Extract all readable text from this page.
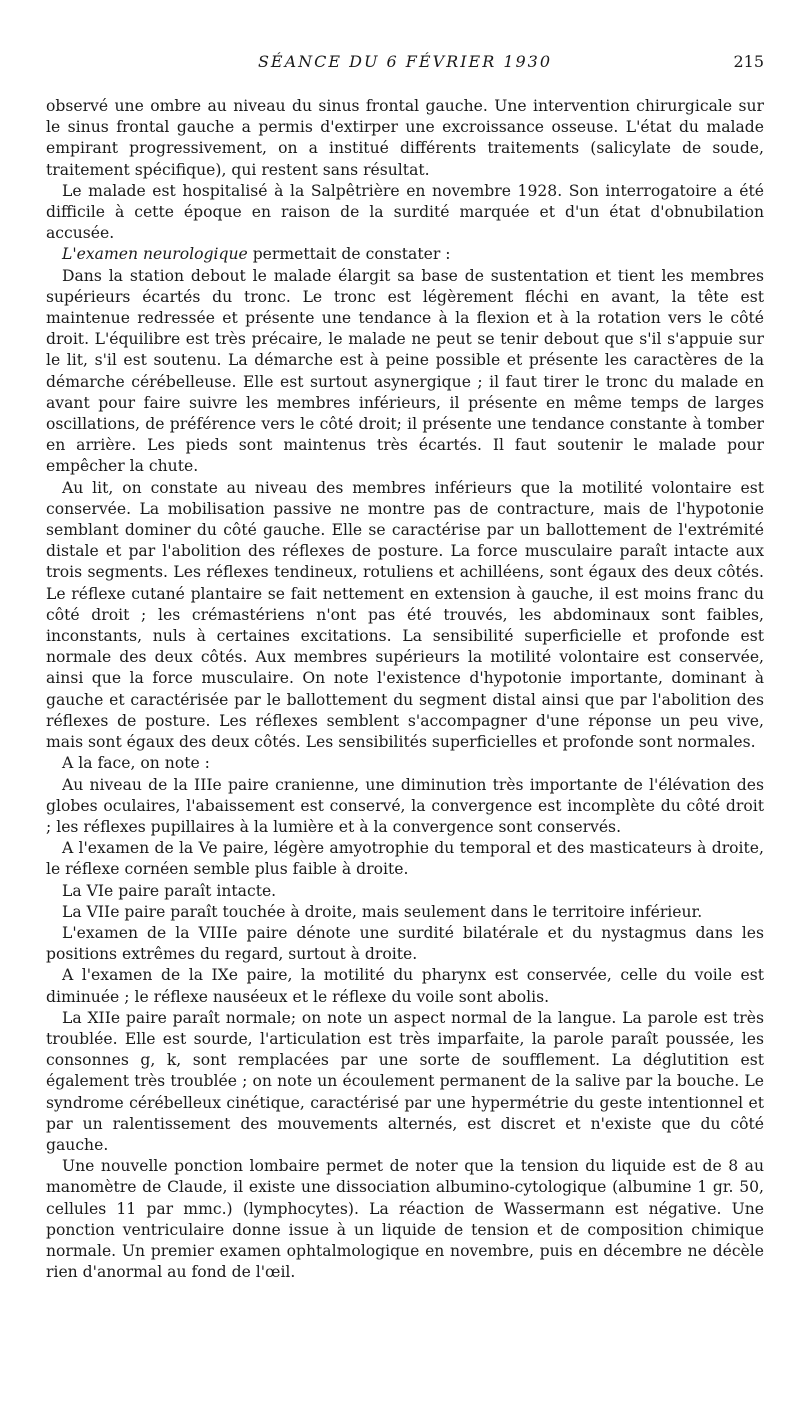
SÉANCE DU 6 FÉVRIER 1930	215

observé une ombre au niveau du sinus frontal gauche. Une intervention chirurgicale sur le sinus frontal gauche a permis d'extirper une excroissance osseuse. L'état du malade empirant progressivement, on a institué différents traitements (salicylate de soude, traitement spécifique), qui restent sans résultat.

Le malade est hospitalisé à la Salpêtrière en novembre 1928. Son interrogatoire a été difficile à cette époque en raison de la surdité marquée et d'un état d'obnubilation accusée.

L'examen neurologique permettait de constater :

Dans la station debout le malade élargit sa base de sustentation et tient les membres supérieurs écartés du tronc. Le tronc est légèrement fléchi en avant, la tête est maintenue redressée et présente une tendance à la flexion et à la rotation vers le côté droit. L'équilibre est très précaire, le malade ne peut se tenir debout que s'il s'appuie sur le lit, s'il est soutenu. La démarche est à peine possible et présente les caractères de la démarche cérébelleuse. Elle est surtout asynergique ; il faut tirer le tronc du malade en avant pour faire suivre les membres inférieurs, il présente en même temps de larges oscillations, de préférence vers le côté droit; il présente une tendance constante à tomber en arrière. Les pieds sont maintenus très écartés. Il faut soutenir le malade pour empêcher la chute.

Au lit, on constate au niveau des membres inférieurs que la motilité volontaire est conservée. La mobilisation passive ne montre pas de contracture, mais de l'hypotonie semblant dominer du côté gauche. Elle se caractérise par un ballottement de l'extrémité distale et par l'abolition des réflexes de posture. La force musculaire paraît intacte aux trois segments. Les réflexes tendineux, rotuliens et achilléens, sont égaux des deux côtés. Le réflexe cutané plantaire se fait nettement en extension à gauche, il est moins franc du côté droit ; les crémastériens n'ont pas été trouvés, les abdominaux sont faibles, inconstants, nuls à certaines excitations. La sensibilité superficielle et profonde est normale des deux côtés. Aux membres supérieurs la motilité volontaire est conservée, ainsi que la force musculaire. On note l'existence d'hypotonie importante, dominant à gauche et caractérisée par le ballottement du segment distal ainsi que par l'abolition des réflexes de posture. Les réflexes semblent s'accompagner d'une réponse un peu vive, mais sont égaux des deux côtés. Les sensibilités superficielles et profonde sont normales.

A la face, on note :

Au niveau de la IIIe paire cranienne, une diminution très importante de l'élévation des globes oculaires, l'abaissement est conservé, la convergence est incomplète du côté droit ; les réflexes pupillaires à la lumière et à la convergence sont conservés.

A l'examen de la Ve paire, légère amyotrophie du temporal et des masticateurs à droite, le réflexe cornéen semble plus faible à droite.

La VIe paire paraît intacte.

La VIIe paire paraît touchée à droite, mais seulement dans le territoire inférieur.

L'examen de la VIIIe paire dénote une surdité bilatérale et du nystagmus dans les positions extrêmes du regard, surtout à droite.

A l'examen de la IXe paire, la motilité du pharynx est conservée, celle du voile est diminuée ; le réflexe nauséeux et le réflexe du voile sont abolis.

La XIIe paire paraît normale; on note un aspect normal de la langue. La parole est très troublée. Elle est sourde, l'articulation est très imparfaite, la parole paraît poussée, les consonnes g, k, sont remplacées par une sorte de soufflement. La déglutition est également très troublée ; on note un écoulement permanent de la salive par la bouche. Le syndrome cérébelleux cinétique, caractérisé par une hypermétrie du geste intentionnel et par un ralentissement des mouvements alternés, est discret et n'existe que du côté gauche.

Une nouvelle ponction lombaire permet de noter que la tension du liquide est de 8 au manomètre de Claude, il existe une dissociation albumino-cytologique (albumine 1 gr. 50, cellules 11 par mmc.) (lymphocytes). La réaction de Wassermann est négative. Une ponction ventriculaire donne issue à un liquide de tension et de composition chimique normale. Un premier examen ophtalmologique en novembre, puis en décembre ne décèle rien d'anormal au fond de l'œil.
